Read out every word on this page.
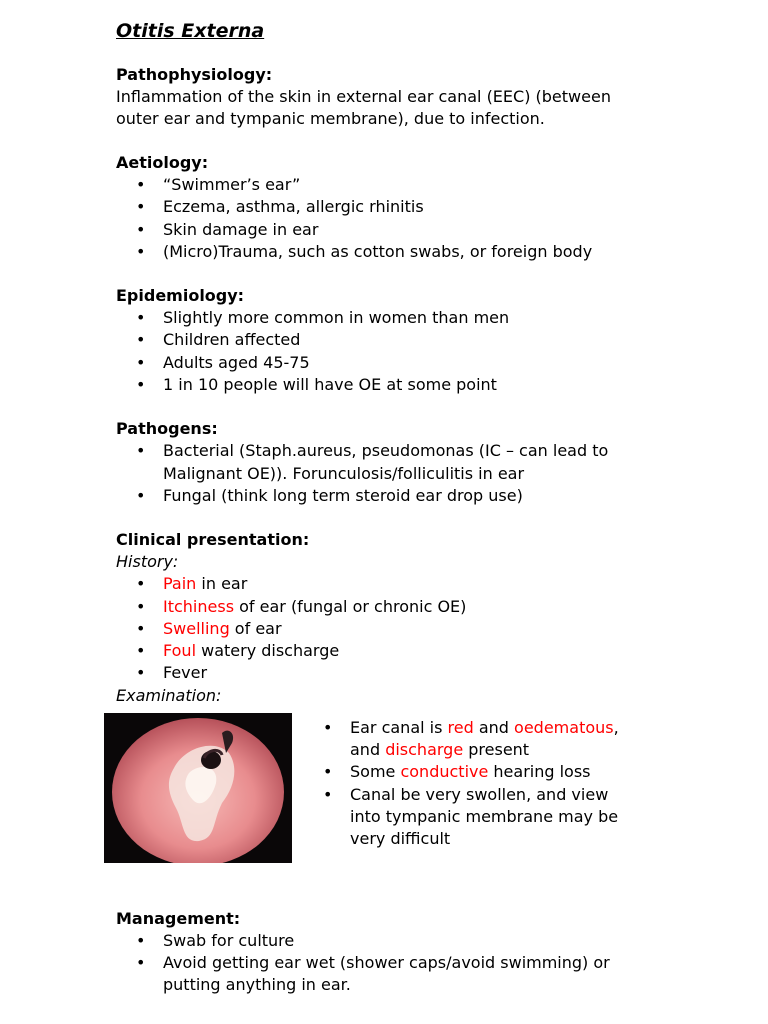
Otitis Externa
Pathophysiology:
Inflammation of the skin in external ear canal (EEC) (between outer ear and tympanic membrane), due to infection.
Aetiology:
• “Swimmer’s ear”
• Eczema, asthma, allergic rhinitis
• Skin damage in ear
• (Micro)Trauma, such as cotton swabs, or foreign body
Epidemiology:
• Slightly more common in women than men
• Children affected
• Adults aged 45-75
• 1 in 10 people will have OE at some point
Pathogens:
• Bacterial (Staph.aureus, pseudomonas (IC – can lead to Malignant OE)). Forunculosis/folliculitis in ear
• Fungal (think long term steroid ear drop use)
Clinical presentation:
History:
• Pain in ear
• Itchiness of ear (fungal or chronic OE)
• Swelling of ear
• Foul watery discharge
• Fever
Examination:
• Ear canal is red and oedematous, and discharge present
• Some conductive hearing loss
• Canal be very swollen, and view into tympanic membrane may be very difficult
Management:
• Swab for culture
• Avoid getting ear wet (shower caps/avoid swimming) or putting anything in ear.
